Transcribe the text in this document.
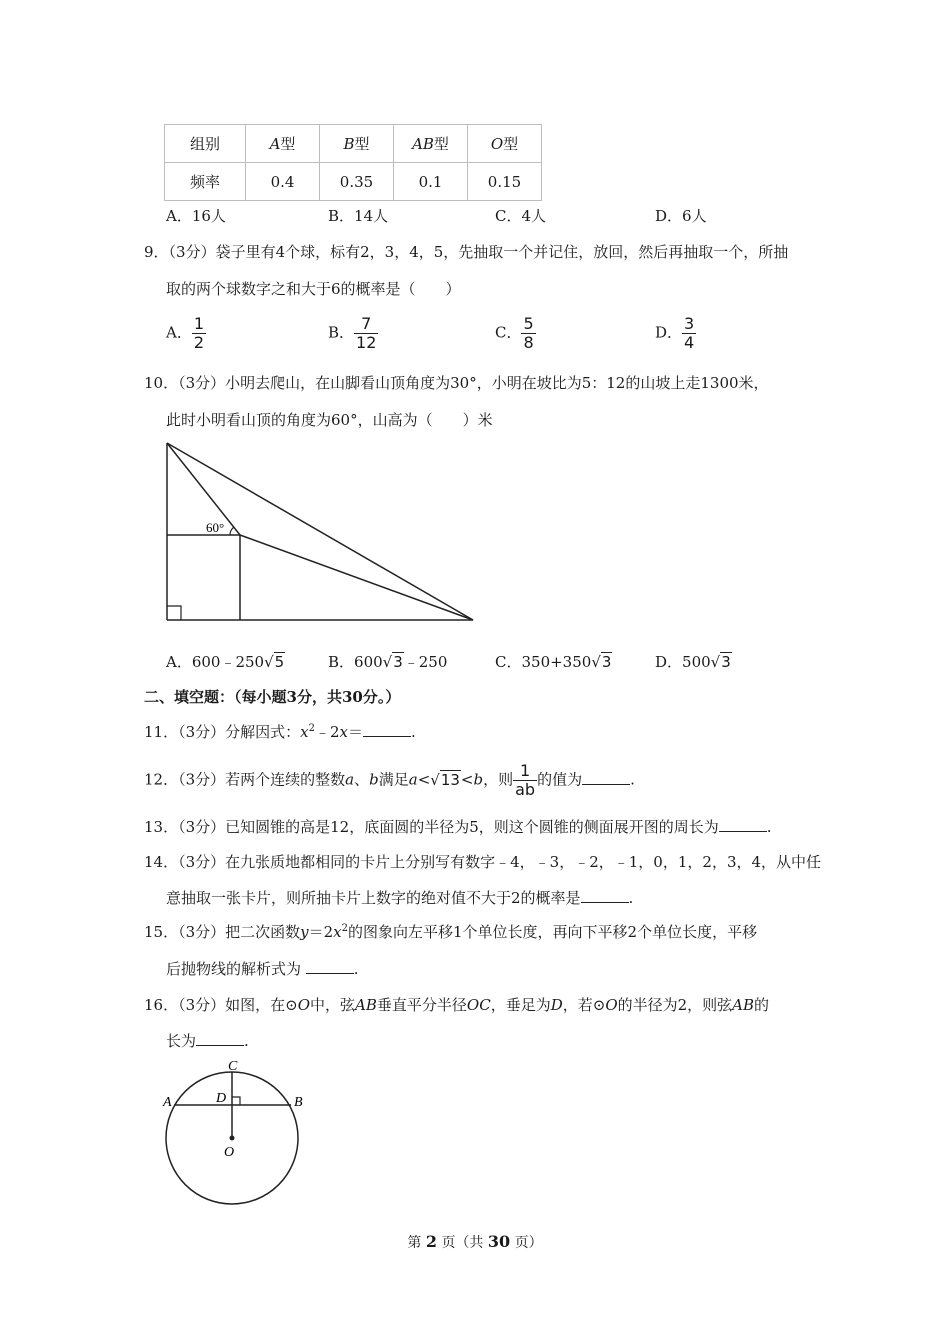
组别	A型	B型	AB型	O型
频率	0.4	0.35	0.1	0.15
A．16人	B．14人	C．4人	D．6人
9．（3分）袋子里有4个球，标有2，3，4，5，先抽取一个并记住，放回，然后再抽取一个，所抽
取的两个球数字之和大于6的概率是（　　）
A． $\frac{1}{2}$	B． $\frac{7}{12}$	C． $\frac{5}{8}$	D． $\frac{3}{4}$
10．（3分）小明去爬山，在山脚看山顶角度为30°，小明在坡比为5：12的山坡上走1300米，
此时小明看山顶的角度为60°，山高为（　　）米
60°
A．600﹣250√5	B．600√3﹣250	C．350+350√3	D．500√3
二、填空题：（每小题3分，共30分。）
11．（3分）分解因式：$x^2﹣2x=$	.
12．（3分）若两个连续的整数a、b满足a<√13<b，则 $\frac{1}{ab}$ 的值为	.
13．（3分）已知圆锥的高是12，底面圆的半径为5，则这个圆锥的侧面展开图的周长为	.
14．（3分）在九张质地都相同的卡片上分别写有数字﹣4，﹣3，﹣2，﹣1，0，1，2，3，4，从中任
意抽取一张卡片，则所抽卡片上数字的绝对值不大于2的概率是	.
15．（3分）把二次函数$y=2x^2$的图象向左平移1个单位长度，再向下平移2个单位长度，平移
后抛物线的解析式为	.
16．（3分）如图，在⊙O中，弦AB垂直平分半径OC，垂足为D，若⊙O的半径为2，则弦AB的
长为	.
C
A	B
D
O
第 2 页（共 30 页）
